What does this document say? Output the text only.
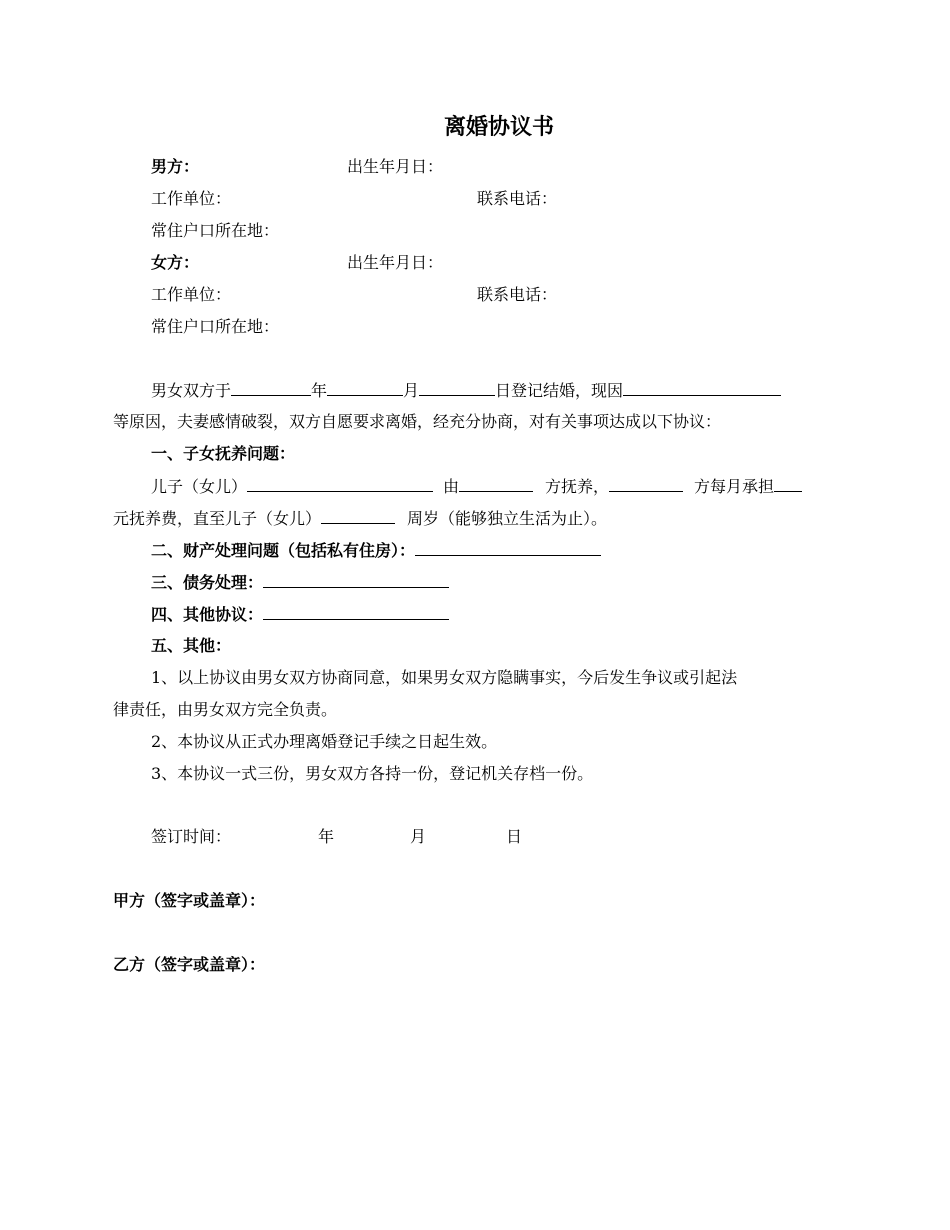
离婚协议书
男方：	出生年月日：
工作单位：	联系电话：
常住户口所在地：
女方：	出生年月日：
工作单位：	联系电话：
常住户口所在地：
男女双方于	年	月	日登记结婚，现因
等原因，夫妻感情破裂，双方自愿要求离婚，经充分协商，对有关事项达成以下协议：
一、子女抚养问题：
儿子（女儿）	由	方抚养，	方每月承担
元抚养费，直至儿子（女儿）	周岁（能够独立生活为止）。
二、财产处理问题（包括私有住房）：
三、债务处理：
四、其他协议：
五、其他：
1、以上协议由男女双方协商同意，如果男女双方隐瞒事实，今后发生争议或引起法
律责任，由男女双方完全负责。
2、本协议从正式办理离婚登记手续之日起生效。
3、本协议一式三份，男女双方各持一份，登记机关存档一份。
签订时间：	年	月	日
甲方（签字或盖章）：
乙方（签字或盖章）：
